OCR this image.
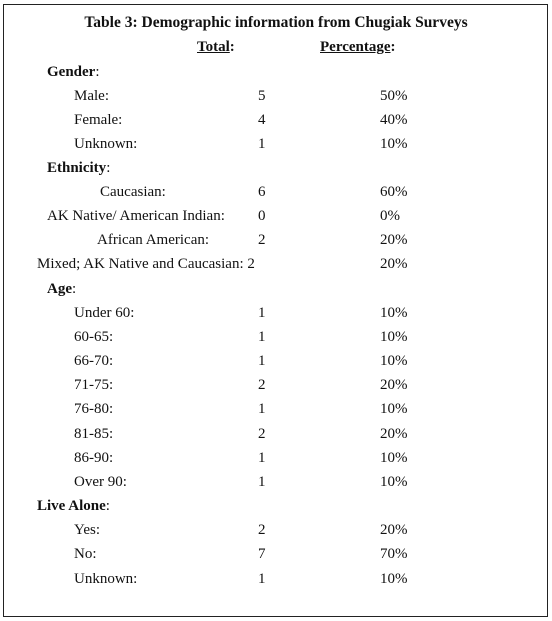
Table 3: Demographic information from Chugiak Surveys
Total:	Percentage:
Gender:
Male:	5	50%
Female:	4	40%
Unknown:	1	10%
Ethnicity:
Caucasian:	6	60%
AK Native/ American Indian: 0	0%
African American:	2	20%
Mixed; AK Native and Caucasian: 2	20%
Age:
Under 60:	1	10%
60-65:	1	10%
66-70:	1	10%
71-75:	2	20%
76-80:	1	10%
81-85:	2	20%
86-90:	1	10%
Over 90:	1	10%
Live Alone:
Yes:	2	20%
No:	7	70%
Unknown:	1	10%
